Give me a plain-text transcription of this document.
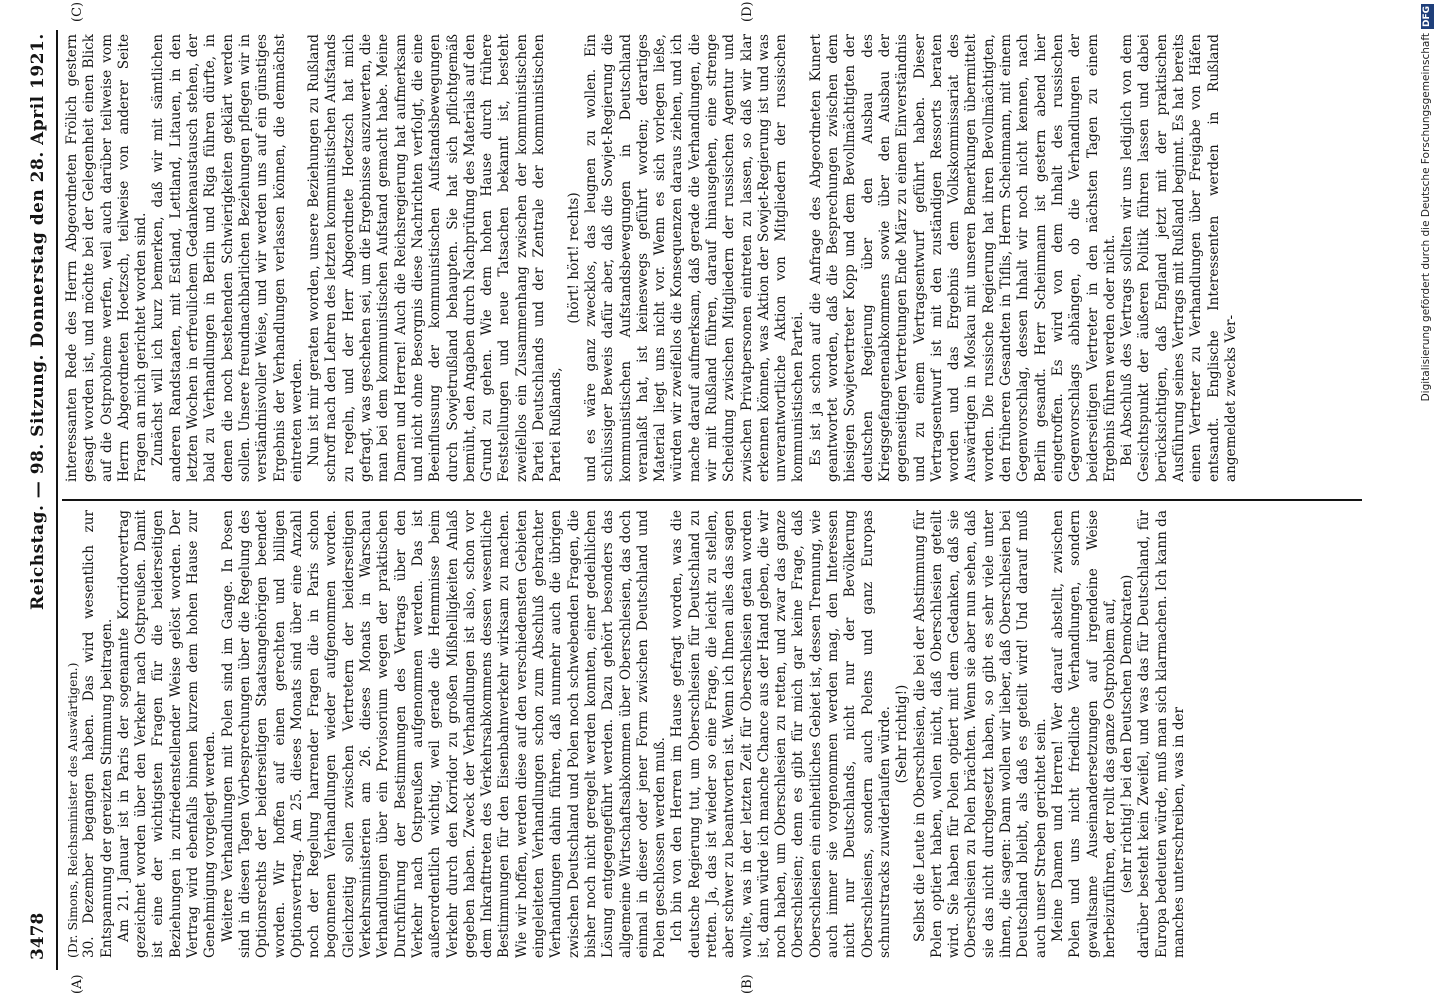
3478
Reichstag. — 98. Sitzung. Donnerstag den 28. April 1921.
(A)	(B)
(C)	(D)

(Dr. Simons, Reichsminister des Auswärtigen.) 30. Dezember begangen haben. Das wird wesentlich zur Entspannung der gereizten Stimmung beitragen. Am 21. Januar ist in Paris der sogenannte Korridorvertrag gezeichnet worden über den Verkehr nach Ostpreußen. Damit ist eine der wichtigsten Fragen für die beiderseitigen Beziehungen in zufriedenstellender Weise gelöst worden. Der Vertrag wird ebenfalls binnen kurzem dem hohen Hause zur Genehmigung vorgelegt werden. Weitere Verhandlungen mit Polen sind im Gange. In Posen sind in diesen Tagen Vorbesprechungen über die Regelung des Optionsrechts der beiderseitigen Staatsangehörigen beendet worden. Wir hoffen auf einen gerechten und billigen Optionsvertrag. Am 25. dieses Monats sind über eine Anzahl noch der Regelung harrender Fragen die in Paris schon begonnenen Verhandlungen wieder aufgenommen worden. Gleichzeitig sollen zwischen Vertretern der beiderseitigen Verkehrsministerien am 26. dieses Monats in Warschau Verhandlungen über ein Provisorium wegen der praktischen Durchführung der Bestimmungen des Vertrags über den Verkehr nach Ostpreußen aufgenommen werden. Das ist außerordentlich wichtig, weil gerade die Hemmnisse beim Verkehr durch den Korridor zu großen Mißhelligkeiten Anlaß gegeben haben. Zweck der Verhandlungen ist also, schon vor dem Inkrafttreten des Verkehrsabkommens dessen wesentliche Bestimmungen für den Eisenbahnverkehr wirksam zu machen. Wie wir hoffen, werden diese auf den verschiedensten Gebieten eingeleiteten Verhandlungen schon zum Abschluß gebrachter Verhandlungen dahin führen, daß nunmehr auch die übrigen zwischen Deutschland und Polen noch schwebenden Fragen, die bisher noch nicht geregelt werden konnten, einer gedeihlichen Lösung entgegengeführt werden. Dazu gehört besonders das allgemeine Wirtschaftsabkommen über Oberschlesien, das doch einmal in dieser oder jener Form zwischen Deutschland und Polen geschlossen werden muß. Ich bin von den Herren im Hause gefragt worden, was die deutsche Regierung tut, um Oberschlesien für Deutschland zu retten. Ja, das ist wieder so eine Frage, die leicht zu stellen, aber schwer zu beantworten ist. Wenn ich Ihnen alles das sagen wollte, was in der letzten Zeit für Oberschlesien getan worden ist, dann würde ich manche Chance aus der Hand geben, die wir noch haben, um Oberschlesien zu retten, und zwar das ganze Oberschlesien; denn es gibt für mich gar keine Frage, daß Oberschlesien ein einheitliches Gebiet ist, dessen Trennung, wie auch immer sie vorgenommen werden mag, den Interessen nicht nur Deutschlands, nicht nur der Bevölkerung Oberschlesiens, sondern auch Polens und ganz Europas schnurstracks zuwiderlaufen würde. (Sehr richtig!) Selbst die Leute in Oberschlesien, die bei der Abstimmung für Polen optiert haben, wollen nicht, daß Oberschlesien geteilt wird. Sie haben für Polen optiert mit dem Gedanken, daß sie Oberschlesien zu Polen brächten. Wenn sie aber nun sehen, daß sie das nicht durchgesetzt haben, so gibt es sehr viele unter ihnen, die sagen: Dann wollen wir lieber, daß Oberschlesien bei Deutschland bleibt, als daß es geteilt wird! Und darauf muß auch unser Streben gerichtet sein. Meine Damen und Herren! Wer darauf abstellt, zwischen Polen und uns nicht friedliche Verhandlungen, sondern gewaltsame Auseinandersetzungen auf irgendeine Weise herbeizuführen, der rollt das ganze Ostproblem auf, (sehr richtig! bei den Deutschen Demokraten) darüber besteht kein Zweifel, und was das für Deutschland, für Europa bedeuten würde, muß man sich klarmachen. Ich kann da manches unterschreiben, was in der

interessanten Rede des Herrn Abgeordneten Frölich gestern gesagt worden ist, und möchte bei der Gelegenheit einen Blick auf die Ostprobleme werfen, weil auch darüber teilweise vom Herrn Abgeordneten Hoetzsch, teilweise von anderer Seite Fragen an mich gerichtet worden sind. Zunächst will ich kurz bemerken, daß wir mit sämtlichen anderen Randstaaten, mit Estland, Lettland, Litauen, in den letzten Wochen in erfreulichem Gedankenaustausch stehen, der bald zu Verhandlungen in Berlin und Riga führen dürfte, in denen die noch bestehenden Schwierigkeiten geklärt werden sollen. Unsere freundnachbarlichen Beziehungen pflegen wir in verständnisvoller Weise, und wir werden uns auf ein günstiges Ergebnis der Verhandlungen verlassen können, die demnächst eintreten werden. Nun ist mir geraten worden, unsere Beziehungen zu Rußland schroff nach den Lehren des letzten kommunistischen Aufstands zu regeln, und der Herr Abgeordnete Hoetzsch hat mich gefragt, was geschehen sei, um die Ergebnisse auszuwerten, die man bei dem kommunistischen Aufstand gemacht habe. Meine Damen und Herren! Auch die Reichsregierung hat aufmerksam und nicht ohne Besorgnis diese Nachrichten verfolgt, die eine Beeinflussung der kommunistischen Aufstandsbewegungen durch Sowjetrußland behaupten. Sie hat sich pflichtgemäß bemüht, den Angaben durch Nachprüfung des Materials auf den Grund zu gehen. Wie dem hohen Hause durch frühere Feststellungen und neue Tatsachen bekannt ist, besteht zweifellos ein Zusammenhang zwischen der kommunistischen Partei Deutschlands und der Zentrale der kommunistischen Partei Rußlands,

(hört! hört! rechts) und es wäre ganz zwecklos, das leugnen zu wollen. Ein schlüssiger Beweis dafür aber, daß die Sowjet-Regierung die kommunistischen Aufstandsbewegungen in Deutschland veranlaßt hat, ist keineswegs geführt worden; derartiges Material liegt uns nicht vor. Wenn es sich vorlegen ließe, würden wir zweifellos die Konsequenzen daraus ziehen, und ich mache darauf aufmerksam, daß gerade die Verhandlungen, die wir mit Rußland führen, darauf hinausgehen, eine strenge Scheidung zwischen Mitgliedern der russischen Agentur und zwischen Privatpersonen eintreten zu lassen, so daß wir klar erkennen können, was Aktion der Sowjet-Regierung ist und was unverantwortliche Aktion von Mitgliedern der russischen kommunistischen Partei. Es ist ja schon auf die Anfrage des Abgeordneten Kunert geantwortet worden, daß die Besprechungen zwischen dem hiesigen Sowjetvertreter Kopp und dem Bevollmächtigten der deutschen Regierung über den Ausbau des Kriegsgefangenenabkommens sowie über den Ausbau der gegenseitigen Vertretungen Ende März zu einem Einverständnis und zu einem Vertragsentwurf geführt haben. Dieser Vertragsentwurf ist mit den zuständigen Ressorts beraten worden und das Ergebnis dem Volkskommissariat des Auswärtigen in Moskau mit unseren Bemerkungen übermittelt worden. Die russische Regierung hat ihren Bevollmächtigten, den früheren Gesandten in Tiflis, Herrn Scheinmann, mit einem Gegenvorschlag, dessen Inhalt wir noch nicht kennen, nach Berlin gesandt. Herr Scheinmann ist gestern abend hier eingetroffen. Es wird von dem Inhalt des russischen Gegenvorschlags abhängen, ob die Verhandlungen der beiderseitigen Vertreter in den nächsten Tagen zu einem Ergebnis führen werden oder nicht. Bei Abschluß des Vertrags sollten wir uns lediglich von dem Gesichtspunkt der äußeren Politik führen lassen und dabei berücksichtigen, daß England jetzt mit der praktischen Ausführung seines Vertrags mit Rußland beginnt. Es hat bereits einen Vertreter zu Verhandlungen über Freigabe von Häfen entsandt. Englische Interessenten werden in Rußland angemeldet zwecks Ver-	Digitalisierung gefördert durch die Deutsche ForschungsgemeinschaftDFG
